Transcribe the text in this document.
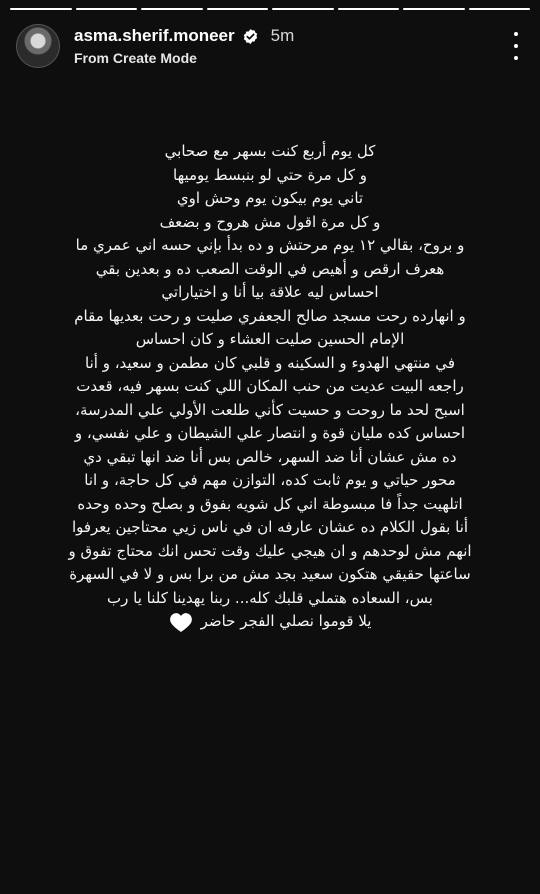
asma.sherif.moneer 5m
From Create Mode
كل يوم أربع كنت بسهر مع صحابي
و كل مرة حتي لو بنبسط يوميها
تاني يوم بيكون يوم وحش اوي
و كل مرة اقول مش هروح و بضعف
و بروح، بقالي ١٢ يوم مرحتش و ده بدأ بإني حسه اني عمري ما
هعرف ارقص و أهيص في الوقت الصعب ده و بعدين بقي
احساس ليه علاقة بيا أنا و اختياراتي
و انهارده رحت مسجد صالح الجعفري صليت و رحت بعديها مقام
الإمام الحسين صليت العشاء و كان احساس
في منتهي الهدوء و السكينه و قلبي كان مطمن و سعيد، و أنا
راجعه البيت عديت من حنب المكان اللي كنت بسهر فيه، قعدت
اسبح لحد ما روحت و حسيت كأني طلعت الأولي علي المدرسة،
احساس كده مليان قوة و انتصار علي الشيطان و علي نفسي، و
ده مش عشان أنا ضد السهر، خالص بس أنا ضد انها تبقي دي
محور حياتي و يوم ثابت كده، التوازن مهم في كل حاجة، و انا
اتلهيت جداً فا مبسوطة اني كل شويه بفوق و بصلح وحده وحده
أنا بقول الكلام ده عشان عارفه ان في ناس زيي محتاجين يعرفوا
انهم مش لوحدهم و ان هيجي عليك وقت تحس انك محتاج تفوق و
ساعتها حقيقي هتكون سعيد بجد مش من برا بس و لا في السهرة
بس، السعاده هتملي قلبك كله... ربنا يهدينا كلنا يا رب
يلا قوموا نصلي الفجر حاضر
